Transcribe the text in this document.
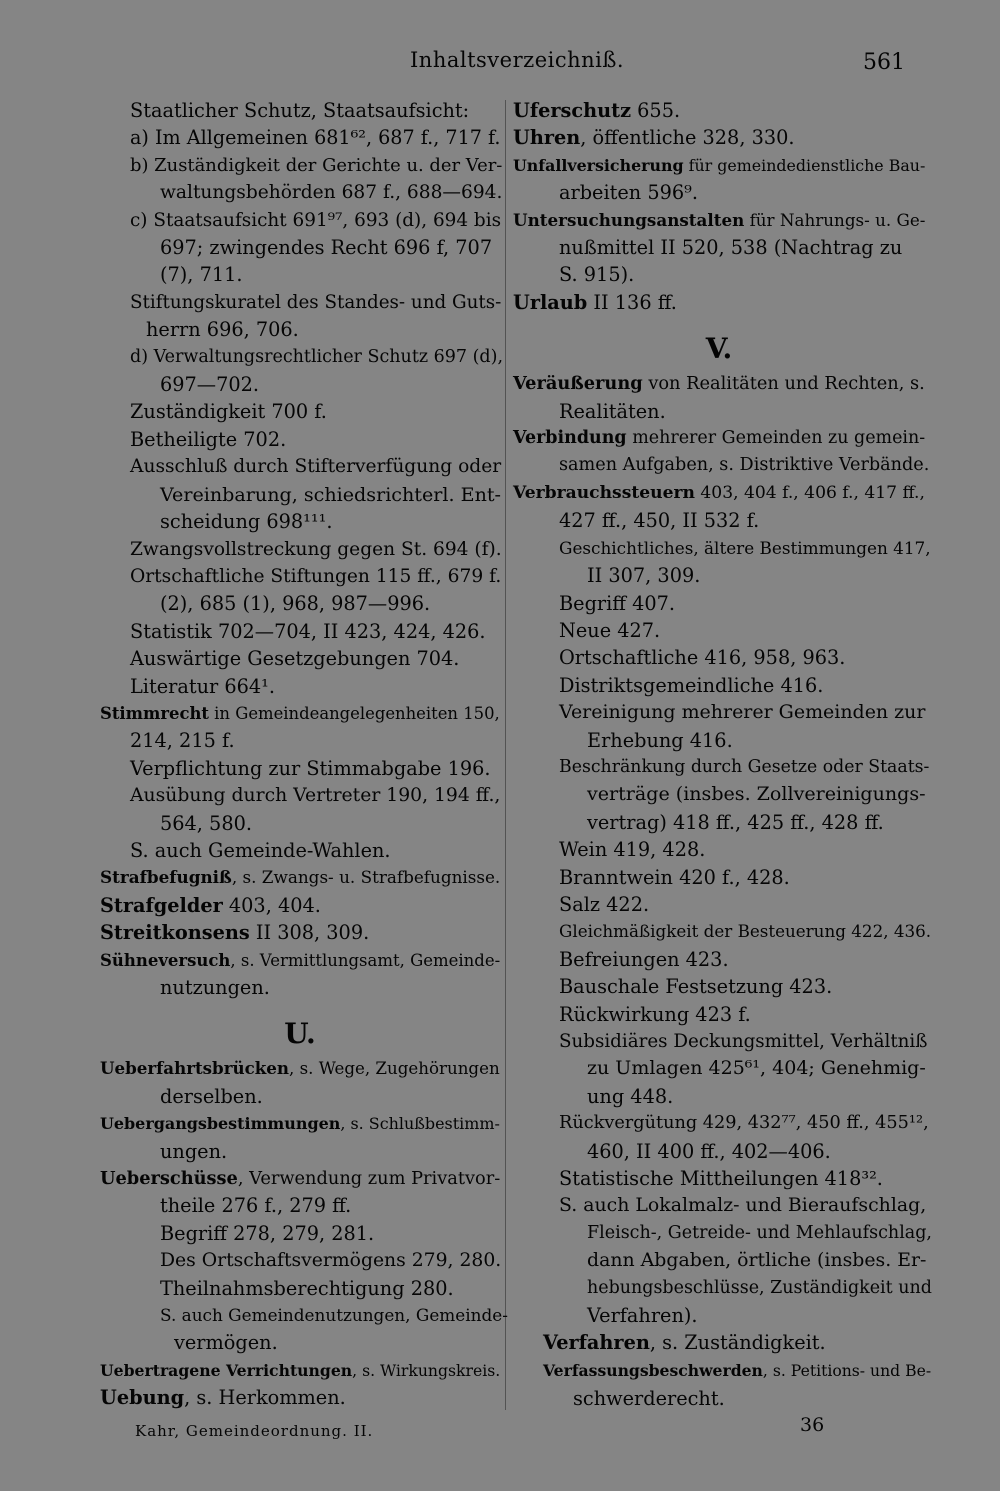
Inhaltsverzeichniß.	561
Staatlicher Schutz, Staatsaufsicht:
a) Im Allgemeinen 681⁶², 687 f., 717 f.
b) Zuständigkeit der Gerichte u. der Ver-
waltungsbehörden 687 f., 688—694.
c) Staatsaufsicht 691⁹⁷, 693 (d), 694 bis
697; zwingendes Recht 696 f, 707
(7), 711.
Stiftungskuratel des Standes- und Guts-
herrn 696, 706.
d) Verwaltungsrechtlicher Schutz 697 (d),
697—702.
Zuständigkeit 700 f.
Betheiligte 702.
Ausschluß durch Stifterverfügung oder
Vereinbarung, schiedsrichterl. Ent-
scheidung 698¹¹¹.
Zwangsvollstreckung gegen St. 694 (f).
Ortschaftliche Stiftungen 115 ff., 679 f.
(2), 685 (1), 968, 987—996.
Statistik 702—704, II 423, 424, 426.
Auswärtige Gesetzgebungen 704.
Literatur 664¹.
Stimmrecht in Gemeindeangelegenheiten 150,
214, 215 f.
Verpflichtung zur Stimmabgabe 196.
Ausübung durch Vertreter 190, 194 ff.,
564, 580.
S. auch Gemeinde-Wahlen.
Strafbefugniß, s. Zwangs- u. Strafbefugnisse.
Strafgelder 403, 404.
Streitkonsens II 308, 309.
Sühneversuch, s. Vermittlungsamt, Gemeinde-
nutzungen.
U.
Ueberfahrtsbrücken, s. Wege, Zugehörungen
derselben.
Uebergangsbestimmungen, s. Schlußbestimm-
ungen.
Ueberschüsse, Verwendung zum Privatvor-
theile 276 f., 279 ff.
Begriff 278, 279, 281.
Des Ortschaftsvermögens 279, 280.
Theilnahmsberechtigung 280.
S. auch Gemeindenutzungen, Gemeinde-
vermögen.
Uebertragene Verrichtungen, s. Wirkungskreis.
Uebung, s. Herkommen.
Uferschutz 655.
Uhren, öffentliche 328, 330.
Unfallversicherung für gemeindedienstliche Bau-
arbeiten 596⁹.
Untersuchungsanstalten für Nahrungs- u. Ge-
nußmittel II 520, 538 (Nachtrag zu
S. 915).
Urlaub II 136 ff.
V.
Veräußerung von Realitäten und Rechten, s.
Realitäten.
Verbindung mehrerer Gemeinden zu gemein-
samen Aufgaben, s. Distriktive Verbände.
Verbrauchssteuern 403, 404 f., 406 f., 417 ff.,
427 ff., 450, II 532 f.
Geschichtliches, ältere Bestimmungen 417,
II 307, 309.
Begriff 407.
Neue 427.
Ortschaftliche 416, 958, 963.
Distriktsgemeindliche 416.
Vereinigung mehrerer Gemeinden zur
Erhebung 416.
Beschränkung durch Gesetze oder Staats-
verträge (insbes. Zollvereinigungs-
vertrag) 418 ff., 425 ff., 428 ff.
Wein 419, 428.
Branntwein 420 f., 428.
Salz 422.
Gleichmäßigkeit der Besteuerung 422, 436.
Befreiungen 423.
Bauschale Festsetzung 423.
Rückwirkung 423 f.
Subsidiäres Deckungsmittel, Verhältniß
zu Umlagen 425⁶¹, 404; Genehmig-
ung 448.
Rückvergütung 429, 432⁷⁷, 450 ff., 455¹²,
460, II 400 ff., 402—406.
Statistische Mittheilungen 418³².
S. auch Lokalmalz- und Bieraufschlag,
Fleisch-, Getreide- und Mehlaufschlag,
dann Abgaben, örtliche (insbes. Er-
hebungsbeschlüsse, Zuständigkeit und
Verfahren).
Verfahren, s. Zuständigkeit.
Verfassungsbeschwerden, s. Petitions- und Be-
schwerderecht.
Kahr, Gemeindeordnung. II.	36
